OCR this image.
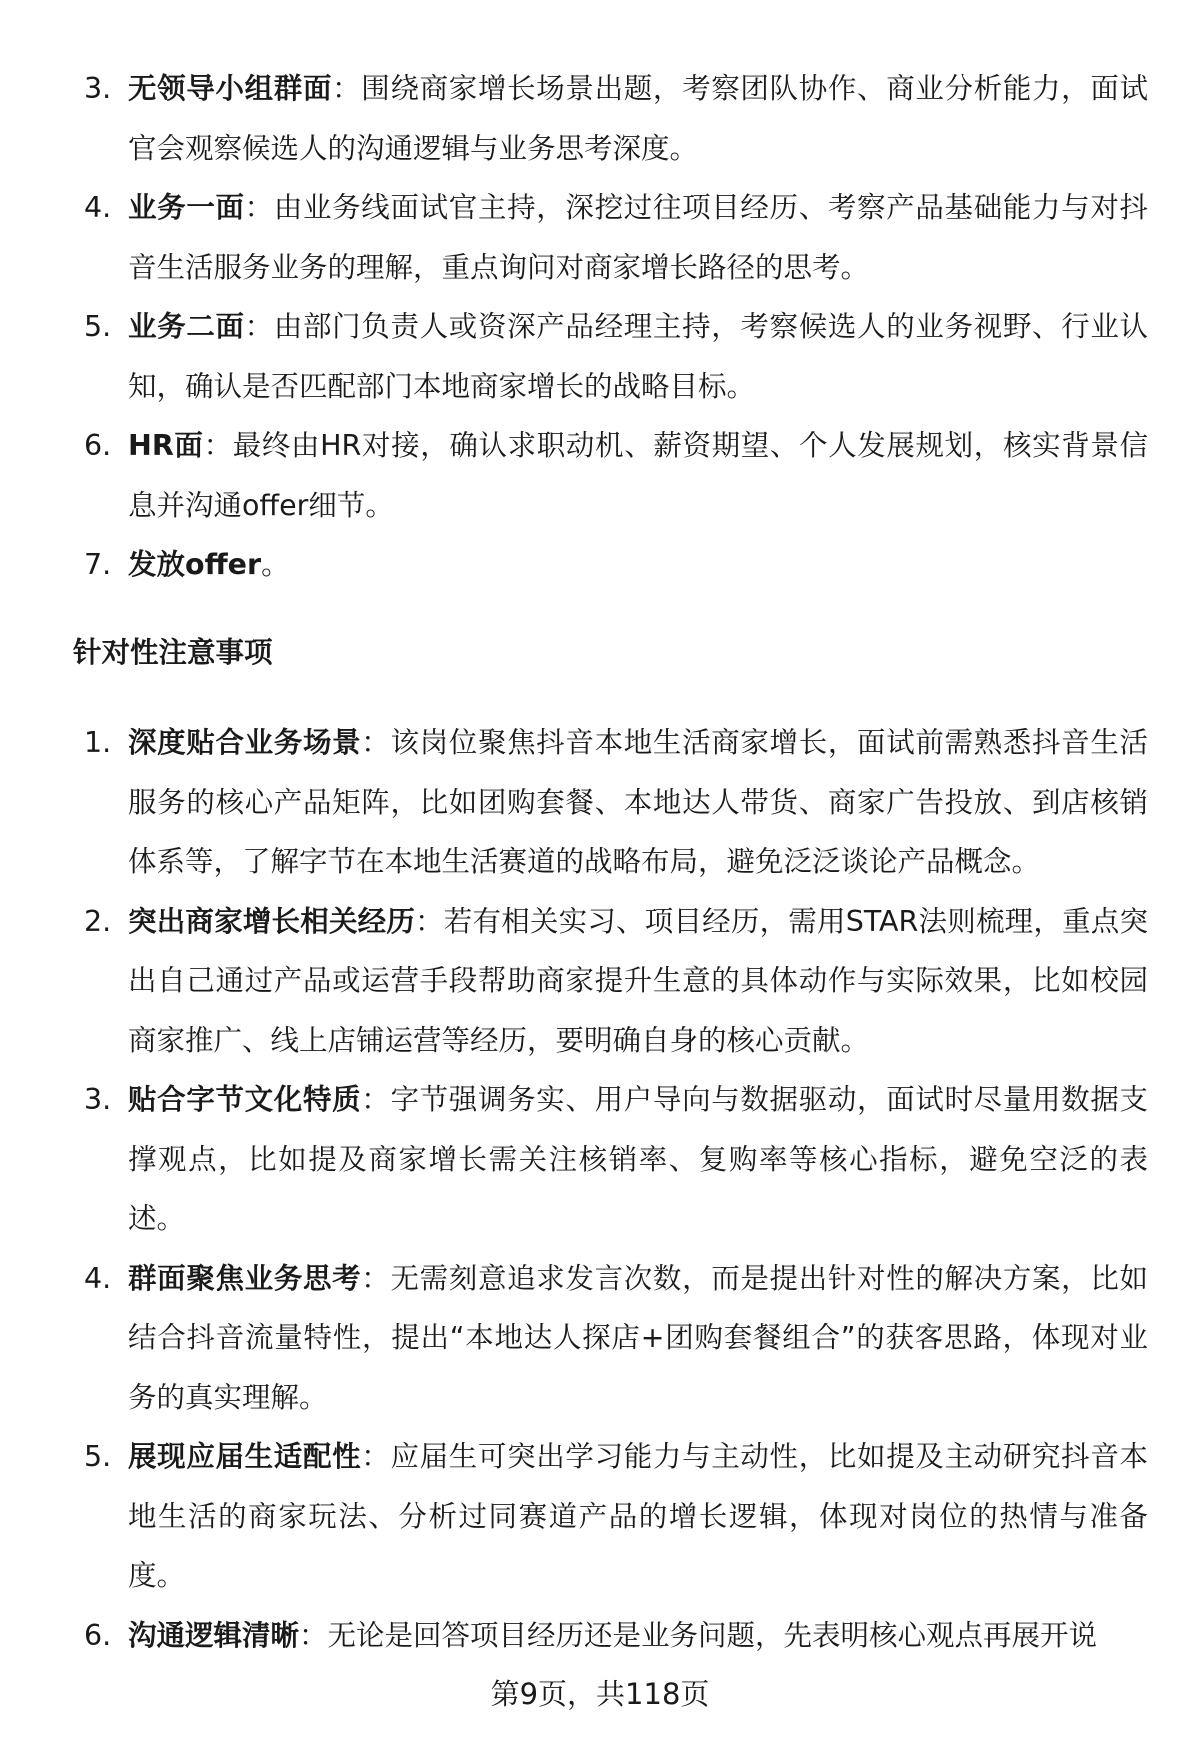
3. 无领导小组群面：围绕商家增长场景出题，考察团队协作、商业分析能力，面试官会观察候选人的沟通逻辑与业务思考深度。
4. 业务一面：由业务线面试官主持，深挖过往项目经历、考察产品基础能力与对抖音生活服务业务的理解，重点询问对商家增长路径的思考。
5. 业务二面：由部门负责人或资深产品经理主持，考察候选人的业务视野、行业认知，确认是否匹配部门本地商家增长的战略目标。
6. HR面：最终由HR对接，确认求职动机、薪资期望、个人发展规划，核实背景信息并沟通offer细节。
7. 发放offer。
针对性注意事项
1. 深度贴合业务场景：该岗位聚焦抖音本地生活商家增长，面试前需熟悉抖音生活服务的核心产品矩阵，比如团购套餐、本地达人带货、商家广告投放、到店核销体系等，了解字节在本地生活赛道的战略布局，避免泛泛谈论产品概念。
2. 突出商家增长相关经历：若有相关实习、项目经历，需用STAR法则梳理，重点突出自己通过产品或运营手段帮助商家提升生意的具体动作与实际效果，比如校园商家推广、线上店铺运营等经历，要明确自身的核心贡献。
3. 贴合字节文化特质：字节强调务实、用户导向与数据驱动，面试时尽量用数据支撑观点，比如提及商家增长需关注核销率、复购率等核心指标，避免空泛的表述。
4. 群面聚焦业务思考：无需刻意追求发言次数，而是提出针对性的解决方案，比如结合抖音流量特性，提出“本地达人探店+团购套餐组合”的获客思路，体现对业务的真实理解。
5. 展现应届生适配性：应届生可突出学习能力与主动性，比如提及主动研究抖音本地生活的商家玩法、分析过同赛道产品的增长逻辑，体现对岗位的热情与准备度。
6. 沟通逻辑清晰：无论是回答项目经历还是业务问题，先表明核心观点再展开说
第9页，共118页
